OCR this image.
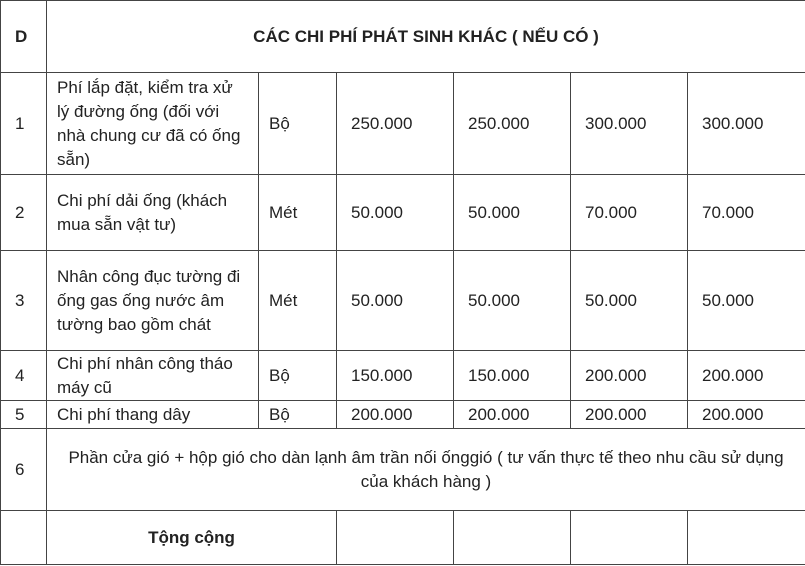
D	CÁC CHI PHÍ PHÁT SINH KHÁC ( NẾU CÓ )					
1	Phí lắp đặt, kiểm tra xử lý đường ống (đối với nhà chung cư đã có ống sẵn)	Bộ	250.000	250.000	300.000	300.000
2	Chi phí dải ống (khách mua sẵn vật tư)	Mét	50.000	50.000	70.000	70.000
3	Nhân công đục tường đi ống gas ống nước âm tường bao gồm chát	Mét	50.000	50.000	50.000	50.000
4	Chi phí nhân công tháo máy cũ	Bộ	150.000	150.000	200.000	200.000
5	Chi phí thang dây	Bộ	200.000	200.000	200.000	200.000
6	Phần cửa gió + hộp gió cho dàn lạnh âm trần nối ốnggió ( tư vấn thực tế theo nhu cầu sử dụng của khách hàng )					
	Tộng cộng					
